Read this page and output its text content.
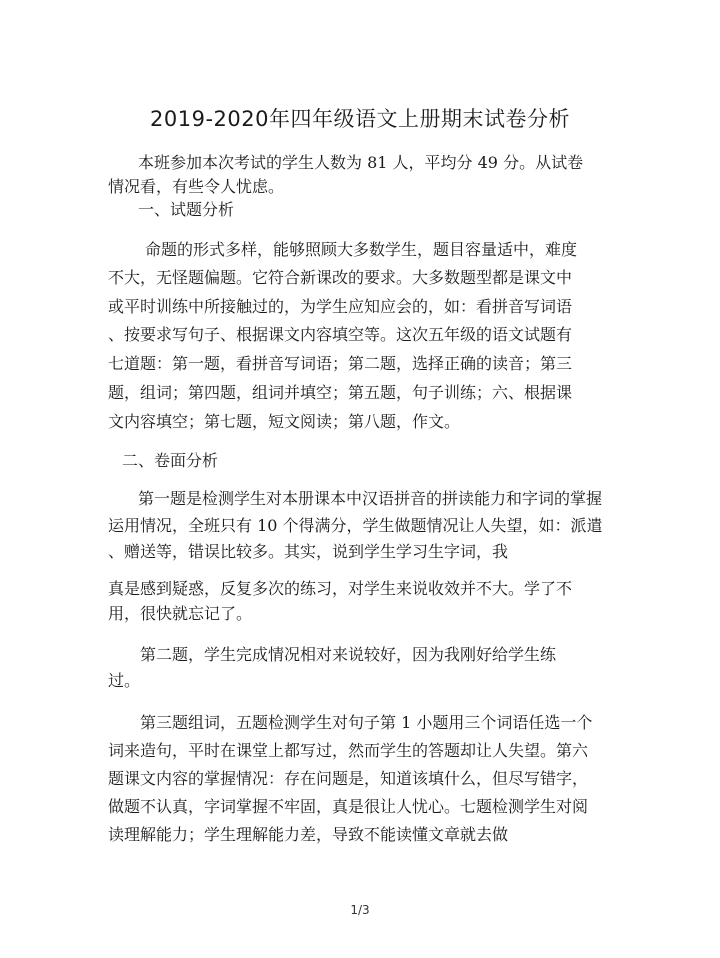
2019-2020年四年级语文上册期末试卷分析
本班参加本次考试的学生人数为 81 人，平均分 49 分。从试卷
情况看，有些令人忧虑。
一、试题分析
命题的形式多样，能够照顾大多数学生，题目容量适中，难度
不大，无怪题偏题。它符合新课改的要求。大多数题型都是课文中
或平时训练中所接触过的，为学生应知应会的，如：看拼音写词语
、按要求写句子、根据课文内容填空等。这次五年级的语文试题有
七道题：第一题，看拼音写词语；第二题，选择正确的读音；第三
题，组词；第四题，组词并填空；第五题，句子训练；六、根据课
文内容填空；第七题，短文阅读；第八题，作文。
二、卷面分析
第一题是检测学生对本册课本中汉语拼音的拼读能力和字词的掌握
运用情况，全班只有 10 个得满分，学生做题情况让人失望，如：派遣
、赠送等，错误比较多。其实，说到学生学习生字词，我
真是感到疑惑，反复多次的练习，对学生来说收效并不大。学了不
用，很快就忘记了。
第二题，学生完成情况相对来说较好，因为我刚好给学生练
过。
第三题组词，五题检测学生对句子第 1 小题用三个词语任选一个
词来造句，平时在课堂上都写过，然而学生的答题却让人失望。第六
题课文内容的掌握情况：存在问题是，知道该填什么，但尽写错字，
做题不认真，字词掌握不牢固，真是很让人忧心。七题检测学生对阅
读理解能力；学生理解能力差，导致不能读懂文章就去做
1/3
